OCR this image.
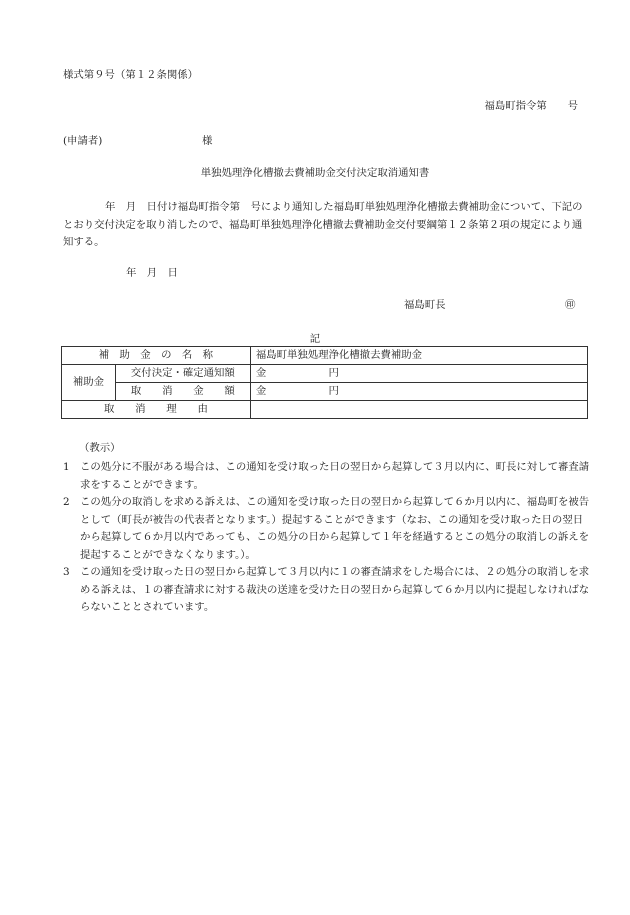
様式第９号（第１２条関係）
福島町指令第　　号
(申請者)	様
単独処理浄化槽撤去費補助金交付決定取消通知書
年　月　日付け福島町指令第　号により通知した福島町単独処理浄化槽撤去費補助金について、下記のとおり交付決定を取り消したので、福島町単独処理浄化槽撤去費補助金交付要綱第１２条第２項の規定により通知する。
年　月　日
福島町長	㊞
記
補　助　金　の　名　称		福島町単独処理浄化槽撤去費補助金
補助金	交付決定・確定通知額	金　　　　　　円
	取　　消　　金　　額	金　　　　　　円
取　　消　　理　　由		
（教示）
1 この処分に不服がある場合は、この通知を受け取った日の翌日から起算して３月以内に、町長に対して審査請求をすることができます。
2 この処分の取消しを求める訴えは、この通知を受け取った日の翌日から起算して６か月以内に、福島町を被告として（町長が被告の代表者となります。）提起することができます（なお、この通知を受け取った日の翌日から起算して６か月以内であっても、この処分の日から起算して１年を経過するとこの処分の取消しの訴えを提起することができなくなります。）。
3 この通知を受け取った日の翌日から起算して３月以内に１の審査請求をした場合には、２の処分の取消しを求める訴えは、１の審査請求に対する裁決の送達を受けた日の翌日から起算して６か月以内に提起しなければならないこととされています。
